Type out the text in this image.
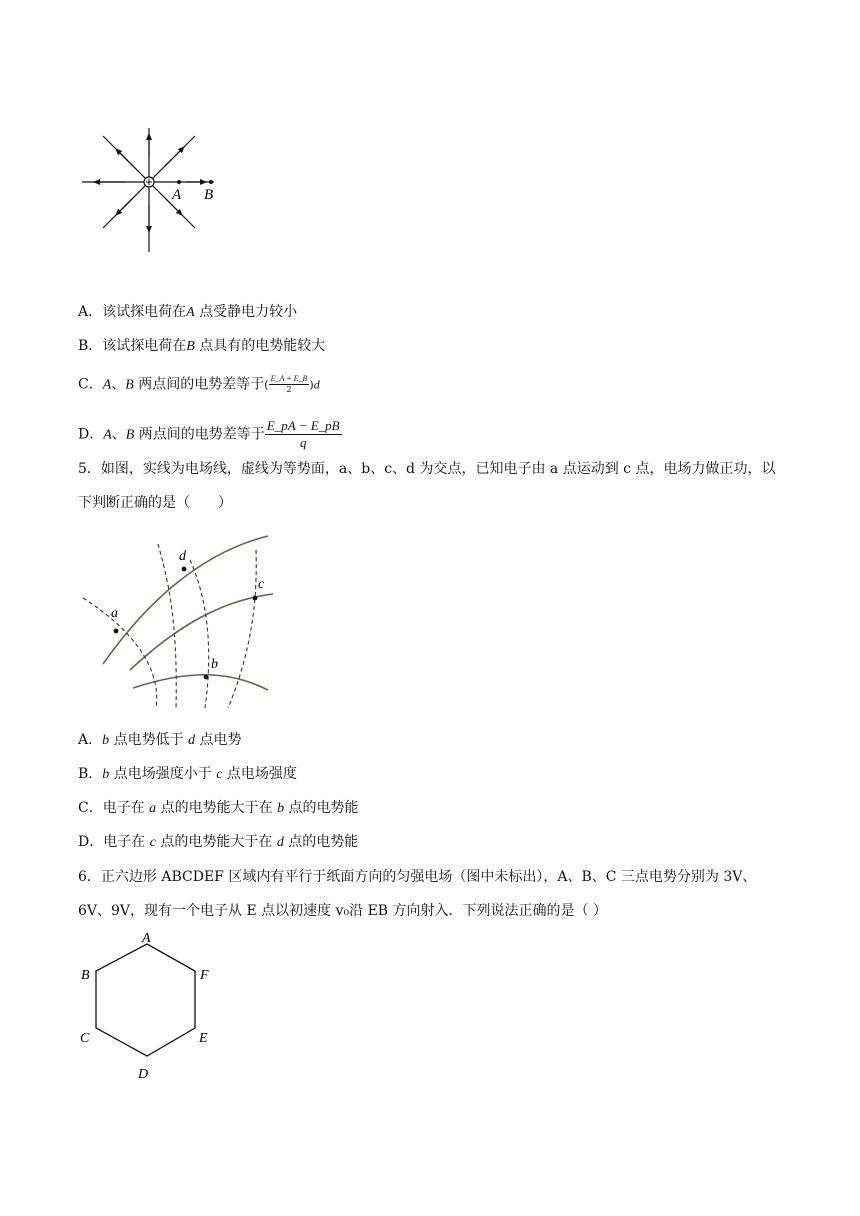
A B
A．该试探电荷在A 点受静电力较小
B．该试探电荷在B 点具有的电势能较大
C．A、B 两点间的电势差等于( $\frac{E\_A + E\_B}{2} )d$
D．A、B 两点间的电势差等于 $\frac{E\_pA - E\_pB}{q}$
5．如图，实线为电场线，虚线为等势面，a、b、c、d 为交点，已知电子由 a 点运动到 c 点，电场力做正功，以下判断正确的是（　　）
a
d
c
b
A．b 点电势低于 d 点电势
B．b 点电场强度小于 c 点电场强度
C．电子在 a 点的电势能大于在 b 点的电势能
D．电子在 c 点的电势能大于在 d 点的电势能
6．正六边形 ABCDEF 区域内有平行于纸面方向的匀强电场（图中未标出），A、B、C 三点电势分别为 3V、6V、9V，现有一个电子从 E 点以初速度 v₀沿 EB 方向射入．下列说法正确的是（ ）
A
B	F
C	E
D
